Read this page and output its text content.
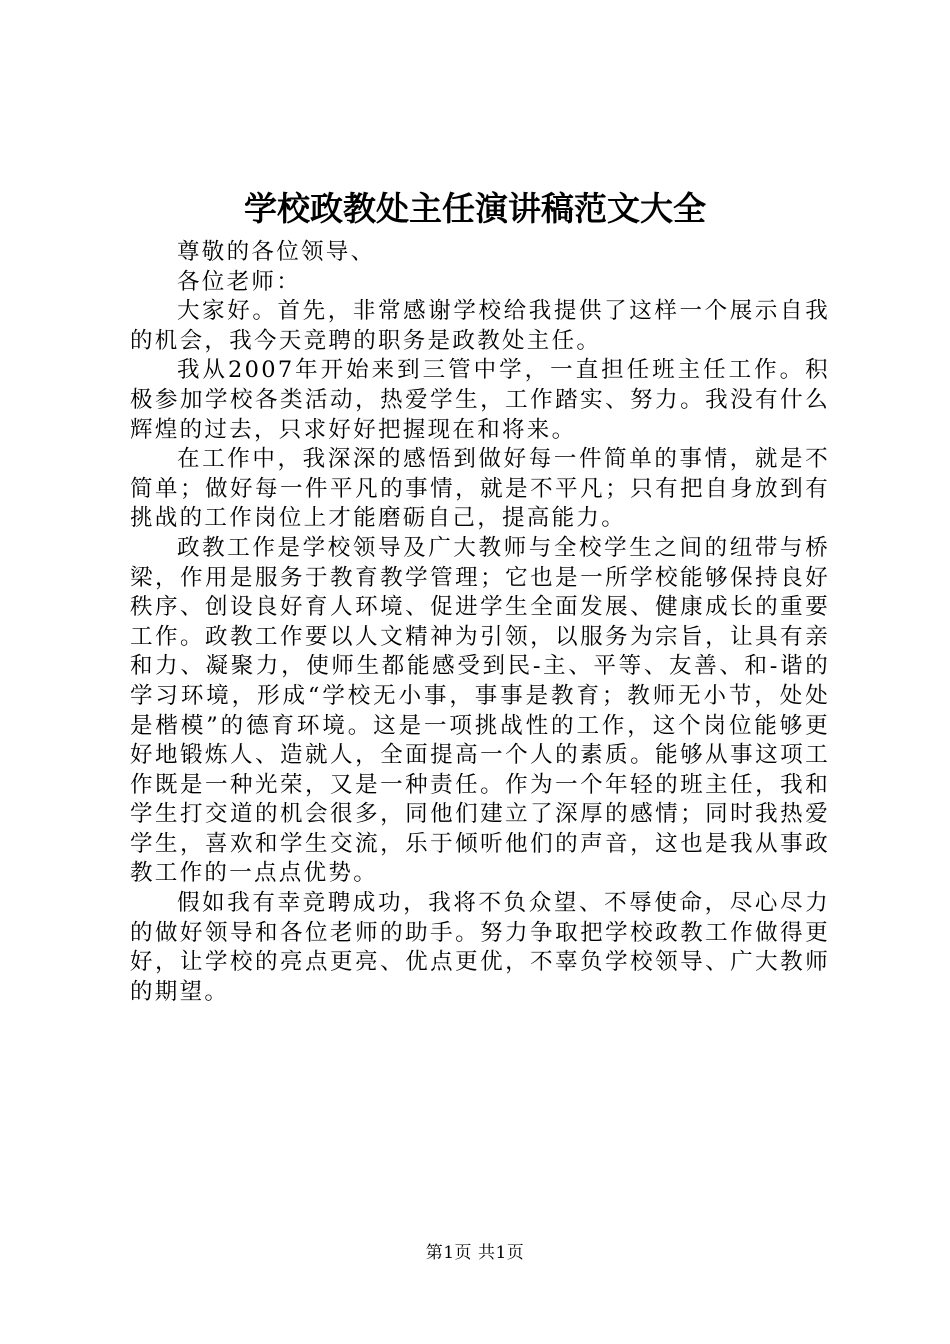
学校政教处主任演讲稿范文大全

尊敬的各位领导、

各位老师：

大家好。首先，非常感谢学校给我提供了这样一个展示自我的机会，我今天竞聘的职务是政教处主任。

我从2007年开始来到三管中学，一直担任班主任工作。积极参加学校各类活动，热爱学生，工作踏实、努力。我没有什么辉煌的过去，只求好好把握现在和将来。

在工作中，我深深的感悟到做好每一件简单的事情，就是不简单；做好每一件平凡的事情，就是不平凡；只有把自身放到有挑战的工作岗位上才能磨砺自己，提高能力。

政教工作是学校领导及广大教师与全校学生之间的纽带与桥梁，作用是服务于教育教学管理；它也是一所学校能够保持良好秩序、创设良好育人环境、促进学生全面发展、健康成长的重要工作。政教工作要以人文精神为引领，以服务为宗旨，让具有亲和力、凝聚力，使师生都能感受到民-主、平等、友善、和-谐的学习环境，形成“学校无小事，事事是教育；教师无小节，处处是楷模”的德育环境。这是一项挑战性的工作，这个岗位能够更好地锻炼人、造就人，全面提高一个人的素质。能够从事这项工作既是一种光荣，又是一种责任。作为一个年轻的班主任，我和学生打交道的机会很多，同他们建立了深厚的感情；同时我热爱学生，喜欢和学生交流，乐于倾听他们的声音，这也是我从事政教工作的一点点优势。

假如我有幸竞聘成功，我将不负众望、不辱使命，尽心尽力的做好领导和各位老师的助手。努力争取把学校政教工作做得更好，让学校的亮点更亮、优点更优，不辜负学校领导、广大教师的期望。

第1页 共1页
